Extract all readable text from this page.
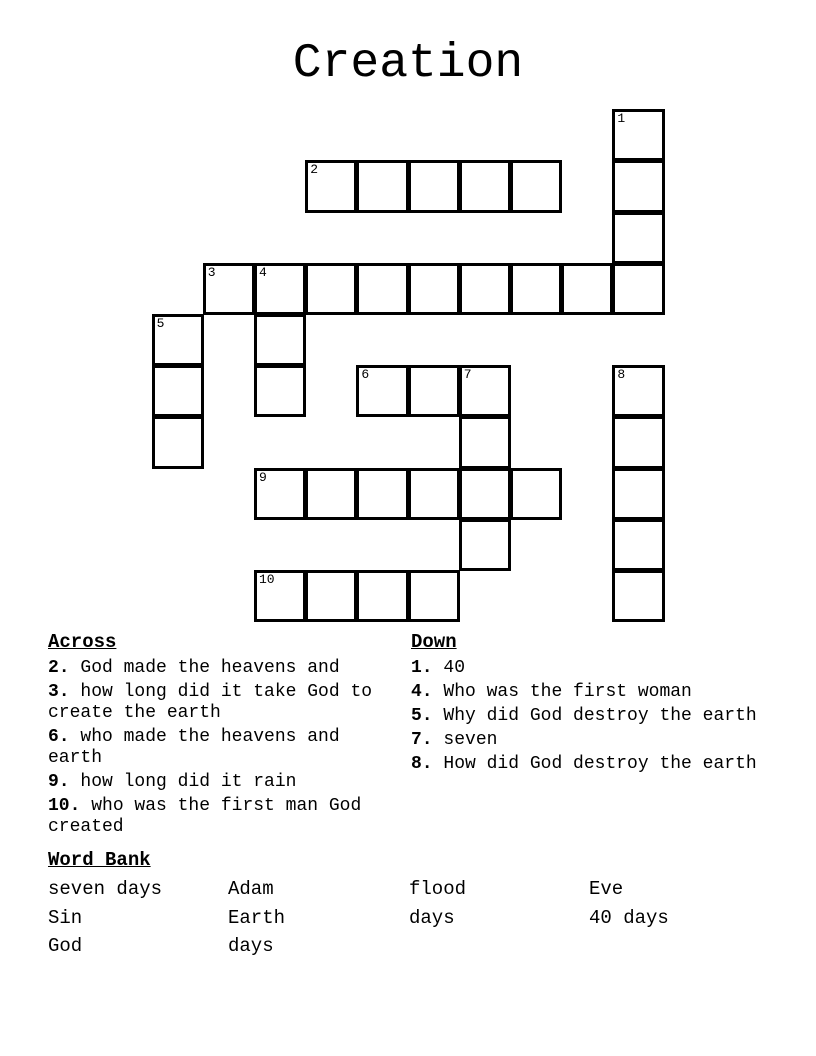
Creation
1
2
3	4
5
6	7	8
9
10
Across
2. God made the heavens and
3. how long did it take God to create the earth
6. who made the heavens and earth
9. how long did it rain
10. who was the first man God created
Down
1. 40
4. Who was the first woman
5. Why did God destroy the earth
7. seven
8. How did God destroy the earth
Word Bank
seven days	Adam	flood	Eve
Sin	Earth	days	40 days
God	days
